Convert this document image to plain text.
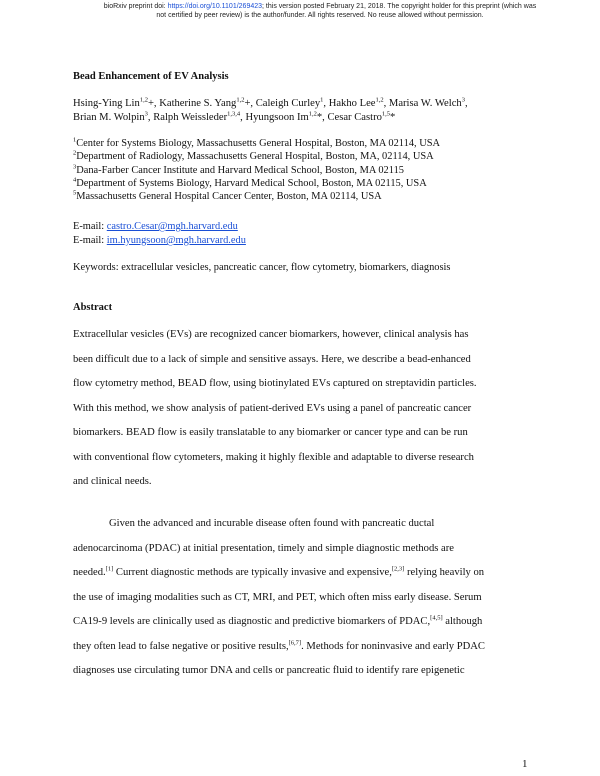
bioRxiv preprint doi: https://doi.org/10.1101/269423; this version posted February 21, 2018. The copyright holder for this preprint (which was
not certified by peer review) is the author/funder. All rights reserved. No reuse allowed without permission.
Bead Enhancement of EV Analysis
Hsing-Ying Lin$^{1,2}$+, Katherine S. Yang$^{1,2}$+, Caleigh Curley$^1$, Hakho Lee$^{1,2}$, Marisa W. Welch$^3$,
Brian M. Wolpin$^3$, Ralph Weissleder$^{1,3,4}$, Hyungsoon Im$^{1,2}$*, Cesar Castro$^{1,5}$*
$^1$Center for Systems Biology, Massachusetts General Hospital, Boston, MA 02114, USA
$^2$Department of Radiology, Massachusetts General Hospital, Boston, MA, 02114, USA
$^3$Dana-Farber Cancer Institute and Harvard Medical School, Boston, MA 02115
$^4$Department of Systems Biology, Harvard Medical School, Boston, MA 02115, USA
$^5$Massachusetts General Hospital Cancer Center, Boston, MA 02114, USA
E-mail: castro.Cesar@mgh.harvard.edu
E-mail: im.hyungsoon@mgh.harvard.edu
Keywords: extracellular vesicles, pancreatic cancer, flow cytometry, biomarkers, diagnosis
Abstract
Extracellular vesicles (EVs) are recognized cancer biomarkers, however, clinical analysis has
been difficult due to a lack of simple and sensitive assays. Here, we describe a bead-enhanced
flow cytometry method, BEAD flow, using biotinylated EVs captured on streptavidin particles.
With this method, we show analysis of patient-derived EVs using a panel of pancreatic cancer
biomarkers. BEAD flow is easily translatable to any biomarker or cancer type and can be run
with conventional flow cytometers, making it highly flexible and adaptable to diverse research
and clinical needs.
Given the advanced and incurable disease often found with pancreatic ductal
adenocarcinoma (PDAC) at initial presentation, timely and simple diagnostic methods are
needed.[1] Current diagnostic methods are typically invasive and expensive,[2,3] relying heavily on
the use of imaging modalities such as CT, MRI, and PET, which often miss early disease. Serum
CA19-9 levels are clinically used as diagnostic and predictive biomarkers of PDAC,[4,5] although
they often lead to false negative or positive results,[6,7]. Methods for noninvasive and early PDAC
diagnoses use circulating tumor DNA and cells or pancreatic fluid to identify rare epigenetic
1
